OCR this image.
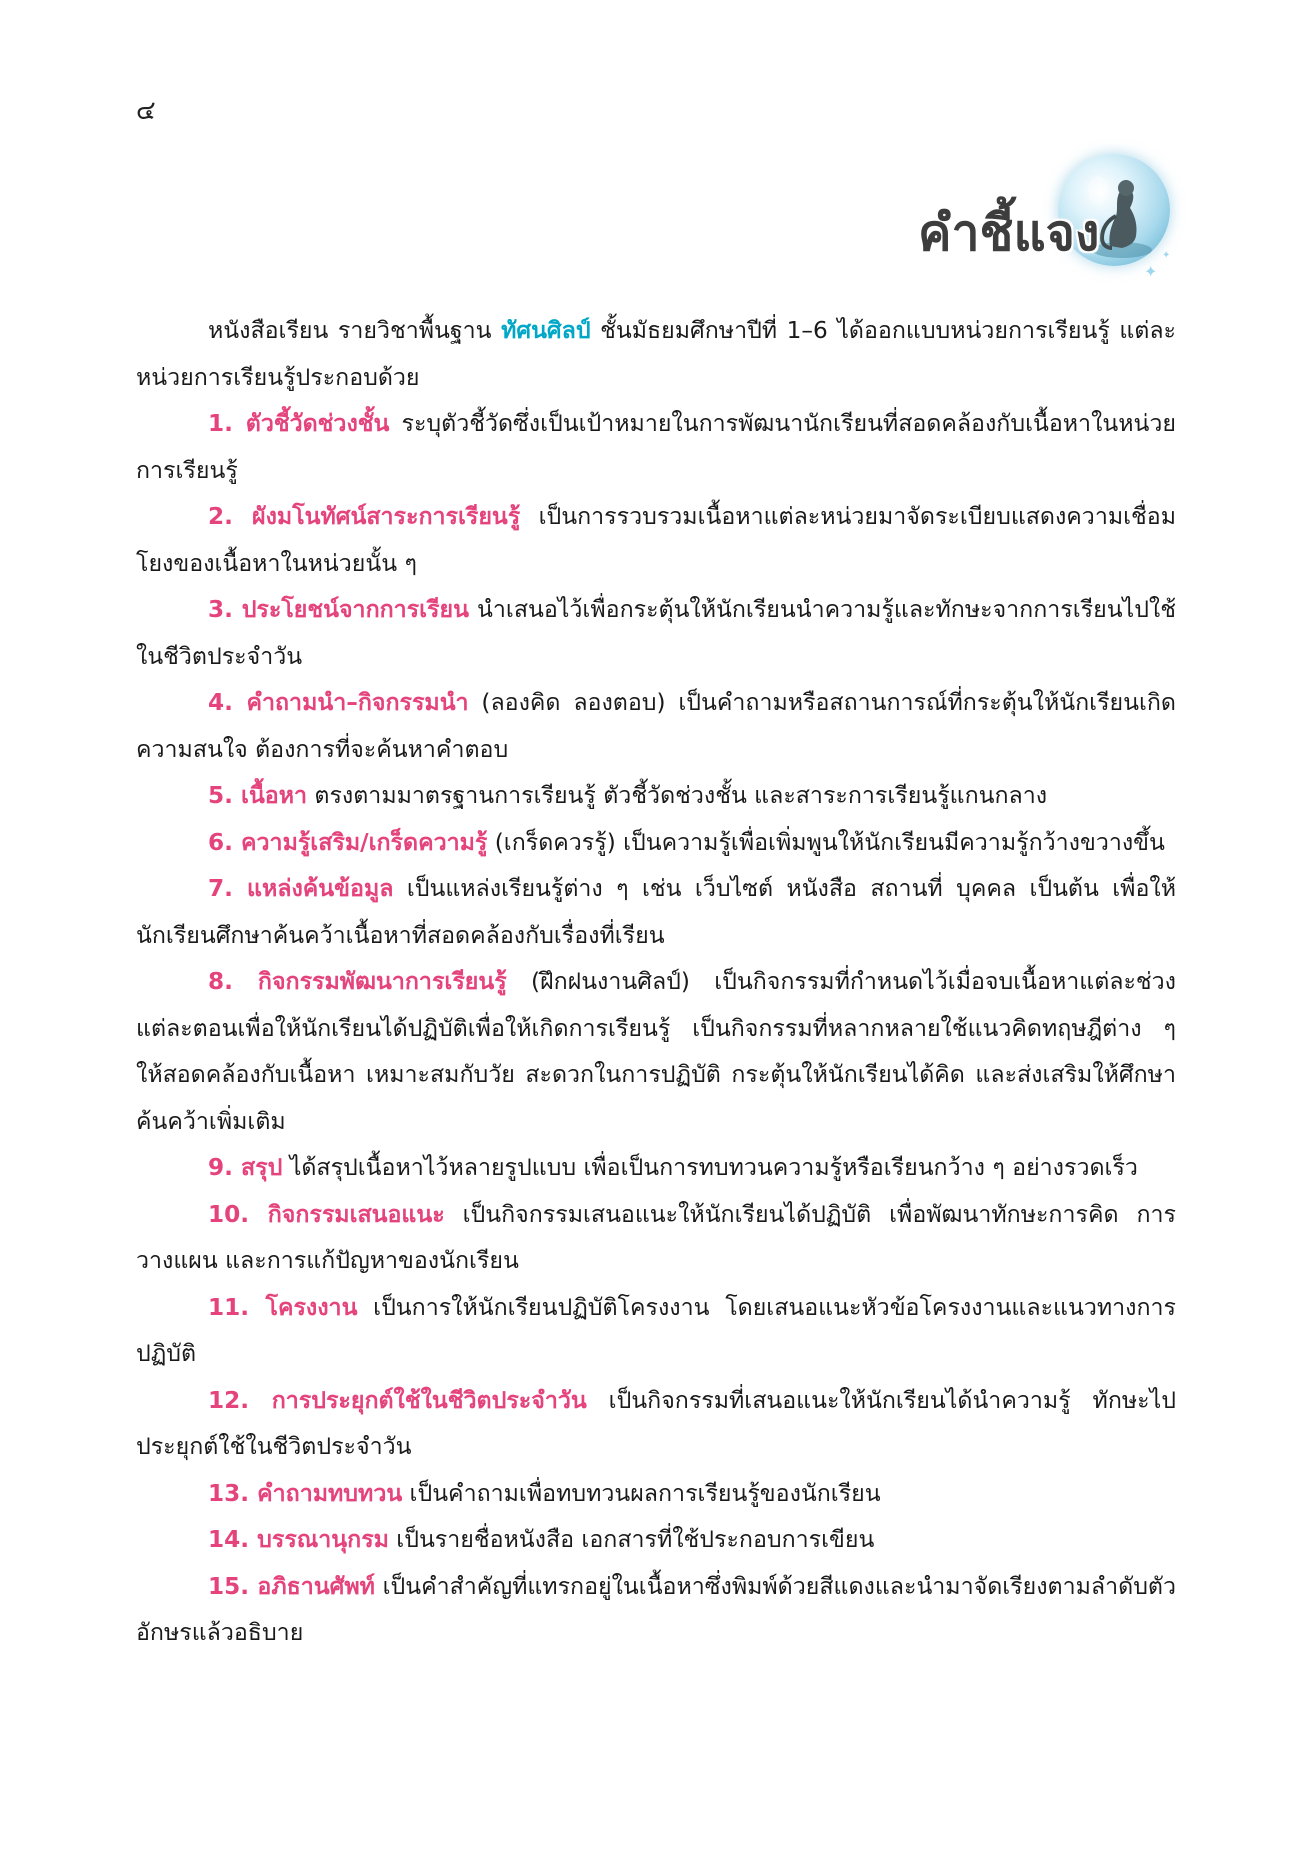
๔
คำชี้แจง
✦
✦

หนังสือเรียน รายวิชาพื้นฐาน ทัศนศิลป์ ชั้นมัธยมศึกษาปีที่ 1–6 ได้ออกแบบหน่วยการเรียนรู้ แต่ละหน่วยการเรียนรู้ประกอบด้วย

1. ตัวชี้วัดช่วงชั้น ระบุตัวชี้วัดซึ่งเป็นเป้าหมายในการพัฒนานักเรียนที่สอดคล้องกับเนื้อหาในหน่วยการเรียนรู้

2. ผังมโนทัศน์สาระการเรียนรู้ เป็นการรวบรวมเนื้อหาแต่ละหน่วยมาจัดระเบียบแสดงความเชื่อมโยงของเนื้อหาในหน่วยนั้น ๆ

3. ประโยชน์จากการเรียน นำเสนอไว้เพื่อกระตุ้นให้นักเรียนนำความรู้และทักษะจากการเรียนไปใช้ในชีวิตประจำวัน

4. คำถามนำ–กิจกรรมนำ (ลองคิด ลองตอบ) เป็นคำถามหรือสถานการณ์ที่กระตุ้นให้นักเรียนเกิดความสนใจ ต้องการที่จะค้นหาคำตอบ

5. เนื้อหา ตรงตามมาตรฐานการเรียนรู้ ตัวชี้วัดช่วงชั้น และสาระการเรียนรู้แกนกลาง

6. ความรู้เสริม/เกร็ดความรู้ (เกร็ดควรรู้) เป็นความรู้เพื่อเพิ่มพูนให้นักเรียนมีความรู้กว้างขวางขึ้น

7. แหล่งค้นข้อมูล เป็นแหล่งเรียนรู้ต่าง ๆ เช่น เว็บไซต์ หนังสือ สถานที่ บุคคล เป็นต้น เพื่อให้นักเรียนศึกษาค้นคว้าเนื้อหาที่สอดคล้องกับเรื่องที่เรียน

8. กิจกรรมพัฒนาการเรียนรู้ (ฝึกฝนงานศิลป์) เป็นกิจกรรมที่กำหนดไว้เมื่อจบเนื้อหาแต่ละช่วง แต่ละตอนเพื่อให้นักเรียนได้ปฏิบัติเพื่อให้เกิดการเรียนรู้ เป็นกิจกรรมที่หลากหลายใช้แนวคิดทฤษฎีต่าง ๆ ให้สอดคล้องกับเนื้อหา เหมาะสมกับวัย สะดวกในการปฏิบัติ กระตุ้นให้นักเรียนได้คิด และส่งเสริมให้ศึกษาค้นคว้าเพิ่มเติม

9. สรุป ได้สรุปเนื้อหาไว้หลายรูปแบบ เพื่อเป็นการทบทวนความรู้หรือเรียนกว้าง ๆ อย่างรวดเร็ว

10. กิจกรรมเสนอแนะ เป็นกิจกรรมเสนอแนะให้นักเรียนได้ปฏิบัติ เพื่อพัฒนาทักษะการคิด การวางแผน และการแก้ปัญหาของนักเรียน

11. โครงงาน เป็นการให้นักเรียนปฏิบัติโครงงาน โดยเสนอแนะหัวข้อโครงงานและแนวทางการปฏิบัติ

12. การประยุกต์ใช้ในชีวิตประจำวัน เป็นกิจกรรมที่เสนอแนะให้นักเรียนได้นำความรู้ ทักษะไปประยุกต์ใช้ในชีวิตประจำวัน

13. คำถามทบทวน เป็นคำถามเพื่อทบทวนผลการเรียนรู้ของนักเรียน

14. บรรณานุกรม เป็นรายชื่อหนังสือ เอกสารที่ใช้ประกอบการเขียน

15. อภิธานศัพท์ เป็นคำสำคัญที่แทรกอยู่ในเนื้อหาซึ่งพิมพ์ด้วยสีแดงและนำมาจัดเรียงตามลำดับตัวอักษรแล้วอธิบาย
